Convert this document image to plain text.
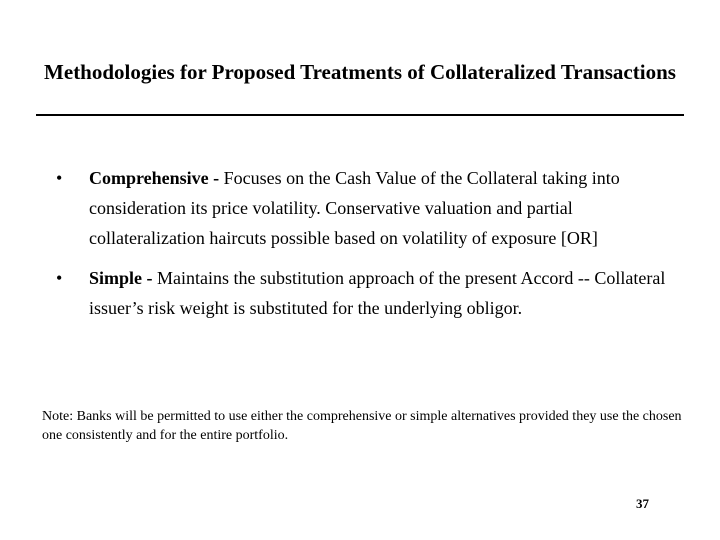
Methodologies for Proposed Treatments of Collateralized Transactions
• Comprehensive - Focuses on the Cash Value of the Collateral taking into consideration its price volatility. Conservative valuation and partial collateralization haircuts possible based on volatility of exposure [OR]
• Simple - Maintains the substitution approach of the present Accord -- Collateral issuer’s risk weight is substituted for the underlying obligor.

Note: Banks will be permitted to use either the comprehensive or simple alternatives provided they use the chosen one consistently and for the entire portfolio.

37
